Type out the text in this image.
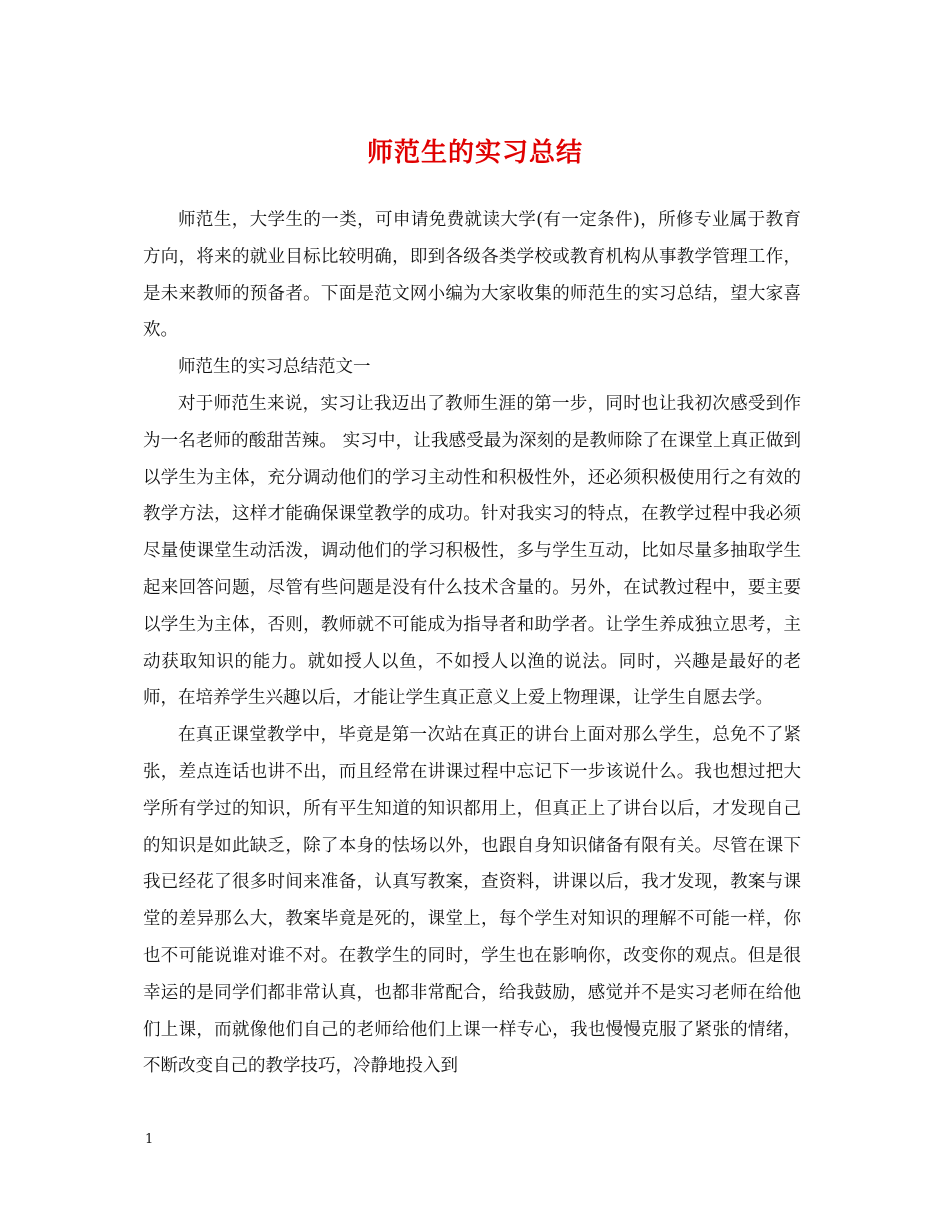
师范生的实习总结

师范生，大学生的一类，可申请免费就读大学(有一定条件)，所修专业属于教育方向，将来的就业目标比较明确，即到各级各类学校或教育机构从事教学管理工作，是未来教师的预备者。下面是范文网小编为大家收集的师范生的实习总结，望大家喜欢。

师范生的实习总结范文一

对于师范生来说，实习让我迈出了教师生涯的第一步，同时也让我初次感受到作为一名老师的酸甜苦辣。 实习中，让我感受最为深刻的是教师除了在课堂上真正做到以学生为主体，充分调动他们的学习主动性和积极性外，还必须积极使用行之有效的教学方法，这样才能确保课堂教学的成功。针对我实习的特点，在教学过程中我必须尽量使课堂生动活泼，调动他们的学习积极性，多与学生互动，比如尽量多抽取学生起来回答问题，尽管有些问题是没有什么技术含量的。另外，在试教过程中，要主要以学生为主体，否则，教师就不可能成为指导者和助学者。让学生养成独立思考，主动获取知识的能力。就如授人以鱼，不如授人以渔的说法。同时，兴趣是最好的老师，在培养学生兴趣以后，才能让学生真正意义上爱上物理课，让学生自愿去学。

在真正课堂教学中，毕竟是第一次站在真正的讲台上面对那么学生，总免不了紧张，差点连话也讲不出，而且经常在讲课过程中忘记下一步该说什么。我也想过把大学所有学过的知识，所有平生知道的知识都用上，但真正上了讲台以后，才发现自己的知识是如此缺乏，除了本身的怯场以外，也跟自身知识储备有限有关。尽管在课下我已经花了很多时间来准备，认真写教案，查资料，讲课以后，我才发现，教案与课堂的差异那么大，教案毕竟是死的，课堂上，每个学生对知识的理解不可能一样，你也不可能说谁对谁不对。在教学生的同时，学生也在影响你，改变你的观点。但是很幸运的是同学们都非常认真，也都非常配合，给我鼓励，感觉并不是实习老师在给他们上课，而就像他们自己的老师给他们上课一样专心，我也慢慢克服了紧张的情绪，不断改变自己的教学技巧，冷静地投入到

1
